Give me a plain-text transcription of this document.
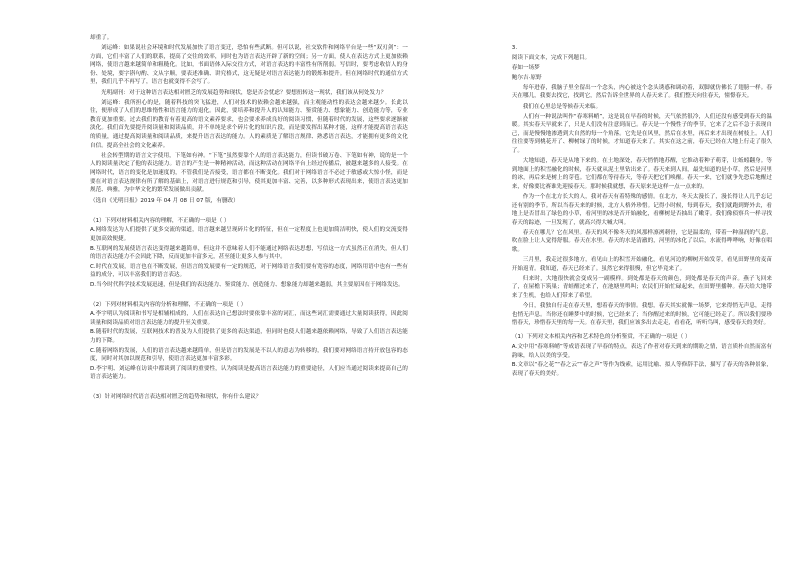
却重了。

刘运峰：如果说社会环境和时代发展加快了语言变迁，恐怕有些武断。但可以说，社交软件和网络平台是一些“双刃剑”：一方面，它们丰富了人们的联系，提高了交往的效率，同时也为语言表达开辟了新的空间；另一方面，使人在表达方式上更加依赖网络，使语言越来越简单和粗糙化。比如，书面语体入际交往方式，对语言表达的丰富性有所削弱。写信时，要考虑收信人的身份、处境，要字斟句酌、文从字顺，要表述准确、讲究格式，这无疑是对语言表达能力的锻炼和提升。但在网络时代的通信方式里，我们几乎不再写了，语言也就变得不会写了。

光明副刊：对于这种语言表达相对匮乏的发展趋势和现状，您是否会忧虑？要想扭转这一现状，我们该从何处发力？

刘运峰：我所担心的是，随着科技的突飞猛进，人们对技术的依赖会越来越强，而主观能动性的表达会越来越少。长此以往，便形成了人们的思维惰性和语言能力的退化。因此，要培养和提升人的认知能力、鉴赏能力、想象能力、创造能力等，专业教育更加重要。过去我们的教育有着更高的语文素养要求，也会要求养成良好的阅读习惯，但随着时代的发展，这些要求逐渐被淡化。我们首先要提升阅读量和阅读品质，并不单纯是求个碎片化的知识片段，而是要发挥出某种才能，这样才能提高语言表达的质量，通过提高阅读量和阅读品质，来提升语言表达的能力。人的素质是了解语言规律、熟悉语言表达，才能拥有更多的文化自信。提高全社会的文化素养。

社会转型期的语言文字使用，下笔如有神。“下笔”虽然要靠个人的语言表达能力，但读书破万卷、下笔如有神，说的是一个人的阅读量决定了他的表达能力。语言的产生是一种精神活动，而这种活动在网络平台上经过传播后，被越来越多的人接受。在网络时代，语言的变化是加速度的，不管我们是否接受，语言都在不断变化。我们对于网络语言不必过于敏感或大惊小怪，而是要在对语言表达规律有所了解的基础上，对语言进行规范和引导，使其更加丰富、完善，以多种形式表现出来，使语言表达更加规范、典雅，为中华文化的繁荣发展做出贡献。

（选自《光明日报》2019 年 04 月 08 日 07 版，有删改）

（1）下列对材料相关内容的理解，不正确的一项是（ ）

A.网络发达为人们提供了更多交流的渠道，语言越来越呈现碎片化的特征，但在一定程度上也更加简洁明快，使人们的交流变得更加高效便捷。

B.互联网的发展使语言表达变得越来越简单，但这并不意味着人们不能通过网络表达思想，写信这一方式虽然正在消失，但人们的语言表达能力不会因此下降，反而更加丰富多元，甚至能让更多人参与其中。

C.时代在发展，语言也在不断发展，但语言的发展要有一定的规范，对于网络语言我们要有宽容的态度，网络用语中也有一些有益的成分，可以丰富我们的语言表达。

D.当今时代科学技术发展迅速，但是我们的表达能力、鉴赏能力、创造能力、想象能力却越来越弱，其主要原因在于网络发达。

（2）下列对材料相关内容的分析和理解，不正确的一项是（ ）

A.李宇明认为阅读和书写是相辅相成的，人们在表达自己想法时要依靠丰富的词汇，而这些词汇需要通过大量阅读获得，因此阅读量和阅读品质对语言表达能力的提升至关重要。

B.随着时代的发展，互联网技术的普及为人们提供了更多的表达渠道，但同时也使人们越来越依赖网络，导致了人们语言表达能力的下降。

C.随着网络的发展，人们的语言表达越来越简单，但是语言的发展是不以人的意志为转移的，我们要对网络语言持开放包容的态度，同时对其加以规范和引导，使语言表达更加丰富多彩。

D.李宇明、刘运峰在访谈中都谈到了阅读的重要性，认为阅读是提高语言表达能力的重要途径，人们应当通过阅读来提高自己的语言表达能力。

（3）针对网络时代语言表达相对匮乏的趋势和现状，你有什么建议？

3.

阅读下面文本，完成下列题目。

春如一场梦

鲍尔吉·原野

每年进春，我脑子里全留出一个念头，内心被这个念头诱惑和调动着，双脚就仿佛长了翅膀一样。春天在哪儿，我要去找它，找到它，然后告诉全世界的人春天来了。我们整天向往春天，憧憬春天。

我们在心里总是等候春天来临。

人们有一种说法叫作“春寒料峭”，这是说在早春的时候，天气依然很冷，人们还没有感受到春天的温暖。其实春天早就来了，只是人们没有注意到而已。春天是一个慢性子的季节，它来了之后不急于表现自己，而是慢慢地渗透到大自然的每一个角落。它先是在风里，然后在水里，再后来才出现在树枝上。人们往往要等到桃花开了、柳树绿了的时候，才知道春天来了。其实在这之前，春天已经在大地上行走了很久了。

大地知道，春天是从地下来的。在土地深处，春天悄悄地苏醒，它推动着种子萌芽，让蚯蚓翻身。等到地面上的积雪融化的时候，春天就从泥土里钻出来了。春天来到人间，最先知道的是小草，然后是河里的冰，再后来是树上的芽苞。它们都在等待春天，等春天把它们唤醒。春天一来，它们就争先恐后地醒过来，好像要比赛谁先迎接春天。那时候我就想，春天原来是这样一点一点来的。

作为一个在北方长大的人，我对春天有着特殊的感情。在北方，冬天太漫长了，漫长得让人几乎忘记还有别的季节。所以当春天来的时候，北方人格外珍惜。记得小时候，每到春天，我们就跑到野外去，看地上是否冒出了绿色的小草，看河里的冰是否开始融化，看柳树是否抽出了嫩芽。我们像侦察兵一样寻找春天的踪迹，一旦发现了，就高兴得大喊大叫。

春天在哪儿？它在风里。春天的风不像冬天的风那样凛冽刺骨，它是温柔的，带着一种湿润的气息，吹在脸上让人觉得舒服。春天在水里。春天的水是清澈的，河里的冰化了以后，水流得哗哗响，好像在唱歌。

三月里，我走过很多地方，看见山上的积雪开始融化，看见河边的柳树开始发芽，看见田野里的麦苗开始返青。我知道，春天已经来了。虽然它来得很慢，但它毕竟来了。

归来时，大地很快就会变成另一副模样。到处都是春天的颜色，到处都是春天的声音。燕子飞回来了，在屋檐下筑巢；青蛙醒过来了，在池塘里鸣叫；农民们开始忙碌起来，在田野里播种。春天给大地带来了生机，也给人们带来了希望。

今日，我独自行走在春天里，想着春天的事情。我想，春天其实就像一场梦，它来得悄无声息，走得也悄无声息。当你还在睡梦中的时候，它已经来了；当你醒过来的时候，它可能已经走了。所以我们要珍惜春天，珍惜春天里的每一天。在春天里，我们应该多出去走走，看看花，听听鸟叫，感受春天的美好。

（1）下列对文本相关内容和艺术特色的分析鉴赏，不正确的一项是（ ）

A.文中用“春寒料峭”等成语表现了早春的特点，表达了作者对春天到来的期盼之情，语言质朴自然而富有韵味，给人以美的享受。

B.文章以“春之花”“春之云”“春之声”等作为线索，运用比喻、拟人等修辞手法，描写了春天的各种景象，表现了春天的美好。
